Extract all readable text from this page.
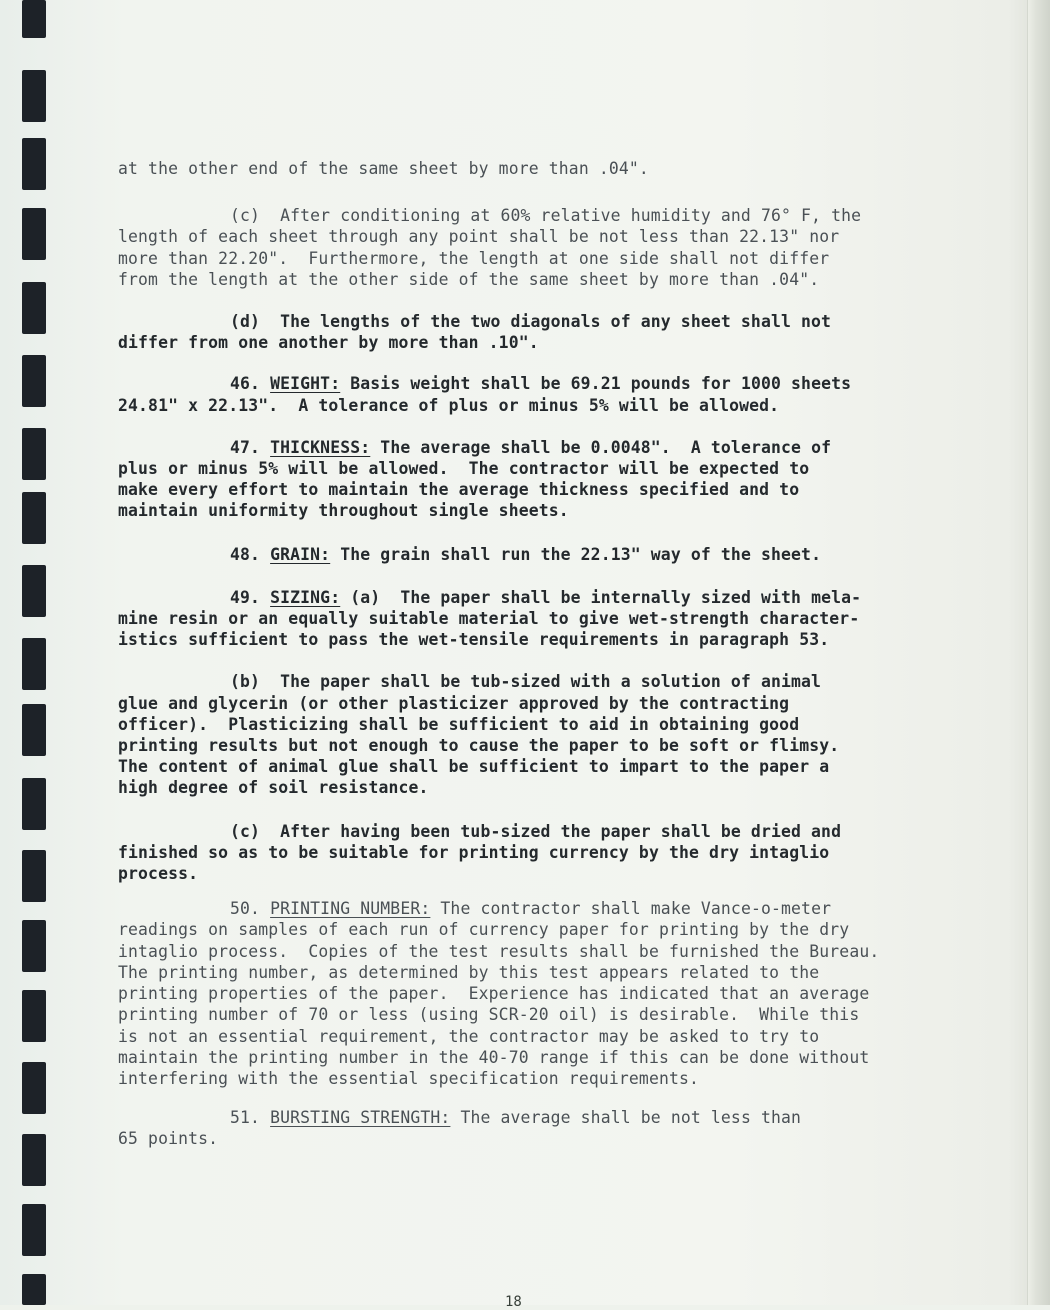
at the other end of the same sheet by more than .04".
(c)  After conditioning at 60% relative humidity and 76° F, the
length of each sheet through any point shall be not less than 22.13" nor
more than 22.20".  Furthermore, the length at one side shall not differ
from the length at the other side of the same sheet by more than .04".
(d)  The lengths of the two diagonals of any sheet shall not
differ from one another by more than .10".
46. WEIGHT: Basis weight shall be 69.21 pounds for 1000 sheets
24.81" x 22.13".  A tolerance of plus or minus 5% will be allowed.
47. THICKNESS: The average shall be 0.0048".  A tolerance of
plus or minus 5% will be allowed.  The contractor will be expected to
make every effort to maintain the average thickness specified and to
maintain uniformity throughout single sheets.
48. GRAIN: The grain shall run the 22.13" way of the sheet.
49. SIZING: (a)  The paper shall be internally sized with mela-
mine resin or an equally suitable material to give wet-strength character-
istics sufficient to pass the wet-tensile requirements in paragraph 53.
(b)  The paper shall be tub-sized with a solution of animal
glue and glycerin (or other plasticizer approved by the contracting
officer).  Plasticizing shall be sufficient to aid in obtaining good
printing results but not enough to cause the paper to be soft or flimsy.
The content of animal glue shall be sufficient to impart to the paper a
high degree of soil resistance.
(c)  After having been tub-sized the paper shall be dried and
finished so as to be suitable for printing currency by the dry intaglio
process.
50. PRINTING NUMBER: The contractor shall make Vance-o-meter
readings on samples of each run of currency paper for printing by the dry
intaglio process.  Copies of the test results shall be furnished the Bureau.
The printing number, as determined by this test appears related to the
printing properties of the paper.  Experience has indicated that an average
printing number of 70 or less (using SCR-20 oil) is desirable.  While this
is not an essential requirement, the contractor may be asked to try to
maintain the printing number in the 40-70 range if this can be done without
interfering with the essential specification requirements.
51. BURSTING STRENGTH: The average shall be not less than
65 points.
18
